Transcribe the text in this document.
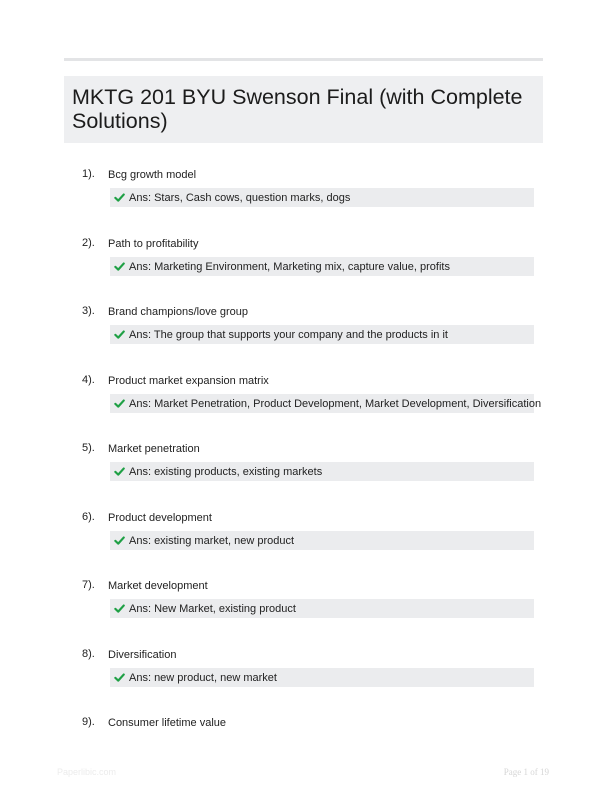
MKTG 201 BYU Swenson Final (with Complete Solutions)
1). Bcg growth model
Ans: Stars, Cash cows, question marks, dogs
2). Path to profitability
Ans: Marketing Environment, Marketing mix, capture value, profits
3). Brand champions/love group
Ans: The group that supports your company and the products in it
4). Product market expansion matrix
Ans: Market Penetration, Product Development, Market Development, Diversification
5). Market penetration
Ans: existing products, existing markets
6). Product development
Ans: existing market, new product
7). Market development
Ans: New Market, existing product
8). Diversification
Ans: new product, new market
9). Consumer lifetime value
Paperlibic.com	Page 1 of 19
